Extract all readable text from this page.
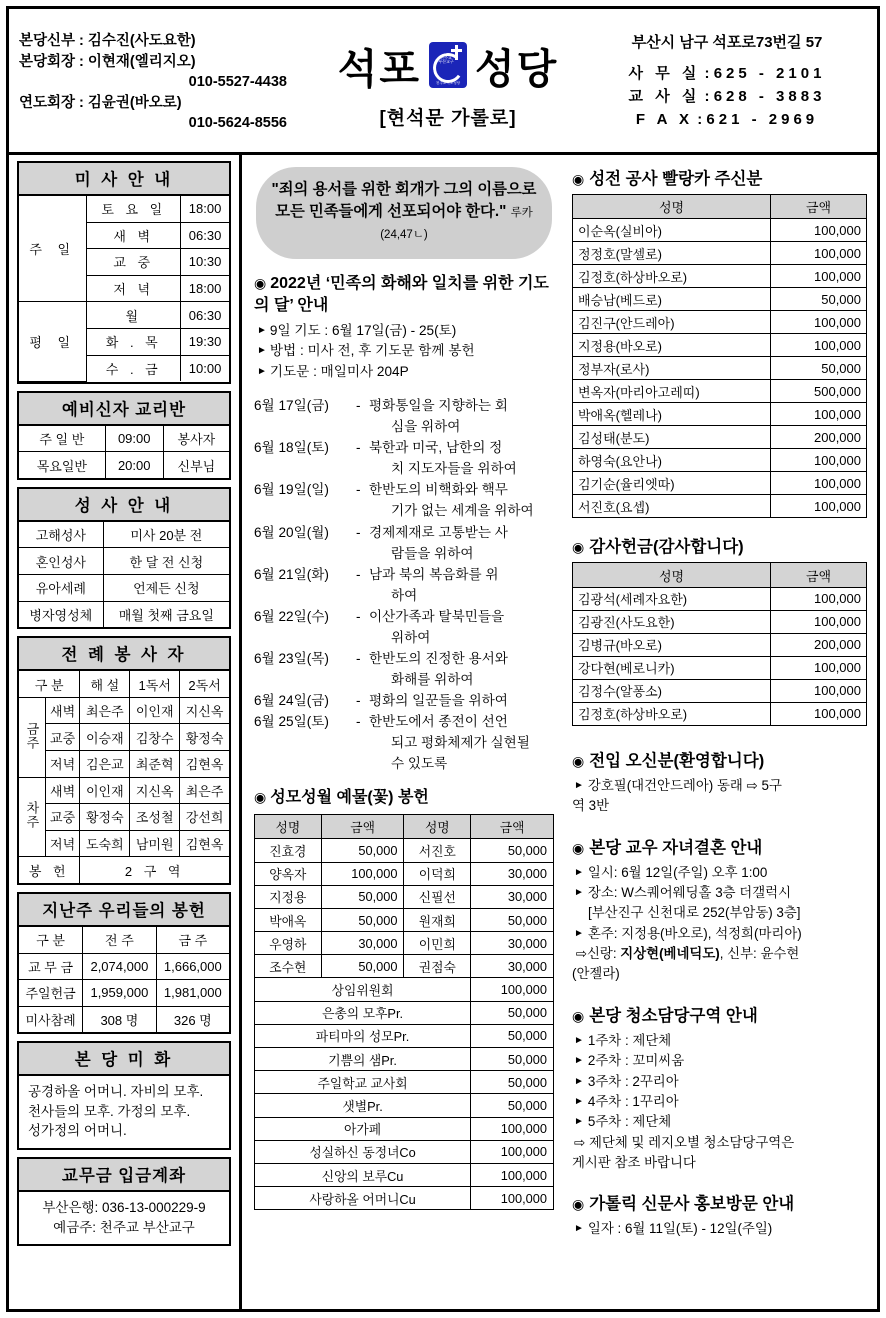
본당신부 : 김수진(사도요한)
본당회장 : 이현재(엘리지오)
010-5527-4438
연도회장 : 김윤권(바오로)
010-5624-8556
석포	천주교
부산교구
천주교석포성당 성당
[현석문 가롤로]
부산시 남구 석포로73번길 57
사 무 실 : 625 - 2101
교 사 실 : 628 - 3883
F A X : 621 - 2969
미 사 안 내
주 일	토 요 일	18:00
	새 벽	06:30
	교 중	10:30
	저 녁	18:00
평 일	월	06:30
	화 . 목	19:30
	수 . 금	10:00
예비신자 교리반
주 일 반	09:00	봉사자
목요일반	20:00	신부님
성 사 안 내
고해성사	미사 20분 전
혼인성사	한 달 전 신청
유아세례	언제든 신청
병자영성체	매월 첫째 금요일
전 례 봉 사 자
구 분		해 설	1독서	2독서
금주	새벽	최은주	이인재	지신옥
	교중	이승재	김창수	황정숙
	저녁	김은교	최준혁	김현옥
차주	새벽	이인재	지신옥	최은주
	교중	황정숙	조성철	강선희
	저녁	도숙희	남미원	김현옥
봉 헌		2 구 역		
지난주 우리들의 봉헌
구 분	전 주	금 주
교 무 금	2,074,000	1,666,000
주일헌금	1,959,000	1,981,000
미사참례	308 명	326 명
본 당 미 화
공경하올 어머니. 자비의 모후.
천사들의 모후. 가정의 모후.
성가정의 어머니.
교무금 입금계좌
부산은행: 036-13-000229-9
예금주: 천주교 부산교구
"죄의 용서를 위한 회개가 그의 이름으로 모든 민족들에게 선포되어야 한다." 루카 (24,47ㄴ)
◉ 2022년 ‘민족의 화해와 일치를 위한 기도의 달’ 안내
► 9일 기도 : 6월 17일(금) - 25(토)
► 방법 : 미사 전, 후 기도문 함께 봉헌
► 기도문 : 매일미사 204P
6월 17일(금)	- 평화통일을 지향하는 회
심을 위하여
6월 18일(토)	- 북한과 미국, 남한의 정
치 지도자들을 위하여
6월 19일(일)	- 한반도의 비핵화와 핵무
기가 없는 세계을 위하여
6월 20일(월)	- 경제제재로 고통받는 사
람들을 위하여
6월 21일(화)	- 남과 북의 복음화를 위
하여
6월 22일(수)	- 이산가족과 탈북민들을
위하여
6월 23일(목)	- 한반도의 진정한 용서와
화해를 위하여
6월 24일(금)	- 평화의 일꾼들을 위하여
6월 25일(토)	- 한반도에서 종전이 선언
되고 평화체제가 실현될
수 있도록
◉ 성모성월 예물(꽃) 봉헌
성명	금액	성명	금액
진효경	50,000	서진호	50,000
양옥자	100,000	이덕희	30,000
지정용	50,000	신필선	30,000
박애옥	50,000	원재희	50,000
우영하	30,000	이민희	30,000
조수현	50,000	권점숙	30,000
상임위원회			100,000
은총의 모후Pr.			50,000
파티마의 성모Pr.			50,000
기쁨의 샘Pr.			50,000
주일학교 교사회			50,000
샛별Pr.			50,000
아가페			100,000
성실하신 동정녀Co			100,000
신앙의 보루Cu			100,000
사랑하올 어머니Cu			100,000
◉ 성전 공사 빨랑카 주신분
성명	금액
이순옥(실비아)	100,000
정정호(말셀로)	100,000
김정호(하상바오로)	100,000
배승남(베드로)	50,000
김진구(안드레아)	100,000
지정용(바오로)	100,000
정부자(로사)	50,000
변옥자(마리아고레띠)	500,000
박애옥(헬레나)	100,000
김성태(분도)	200,000
하영숙(요안나)	100,000
김기순(율리엣따)	100,000
서진호(요셉)	100,000
◉ 감사헌금(감사합니다)
성명	금액
김광석(세례자요한)	100,000
김광진(사도요한)	100,000
김병규(바오로)	200,000
강다현(베로니카)	100,000
김정수(알퐁소)	100,000
김정호(하상바오로)	100,000
◉ 전입 오신분(환영합니다)
► 강호필(대건안드레아) 동래 ⇨ 5구
역 3반
◉ 본당 교우 자녀결혼 안내
► 일시: 6월 12일(주일) 오후 1:00
► 장소: W스퀘어웨딩홀 3층 더갤럭시
[부산진구 신천대로 252(부암동) 3층]
► 혼주: 지정용(바오로), 석정희(마리아)
⇨신랑: 지상현(베네딕도), 신부: 윤수현
(안젤라)
◉ 본당 청소담당구역 안내
► 1주차 : 제단체
► 2주차 : 꼬미씨움
► 3주차 : 2꾸리아
► 4주차 : 1꾸리아
► 5주차 : 제단체
⇨ 제단체 및 레지오별 청소담당구역은
게시판 참조 바랍니다
◉ 가톨릭 신문사 홍보방문 안내
► 일자 : 6월 11일(토) - 12일(주일)
